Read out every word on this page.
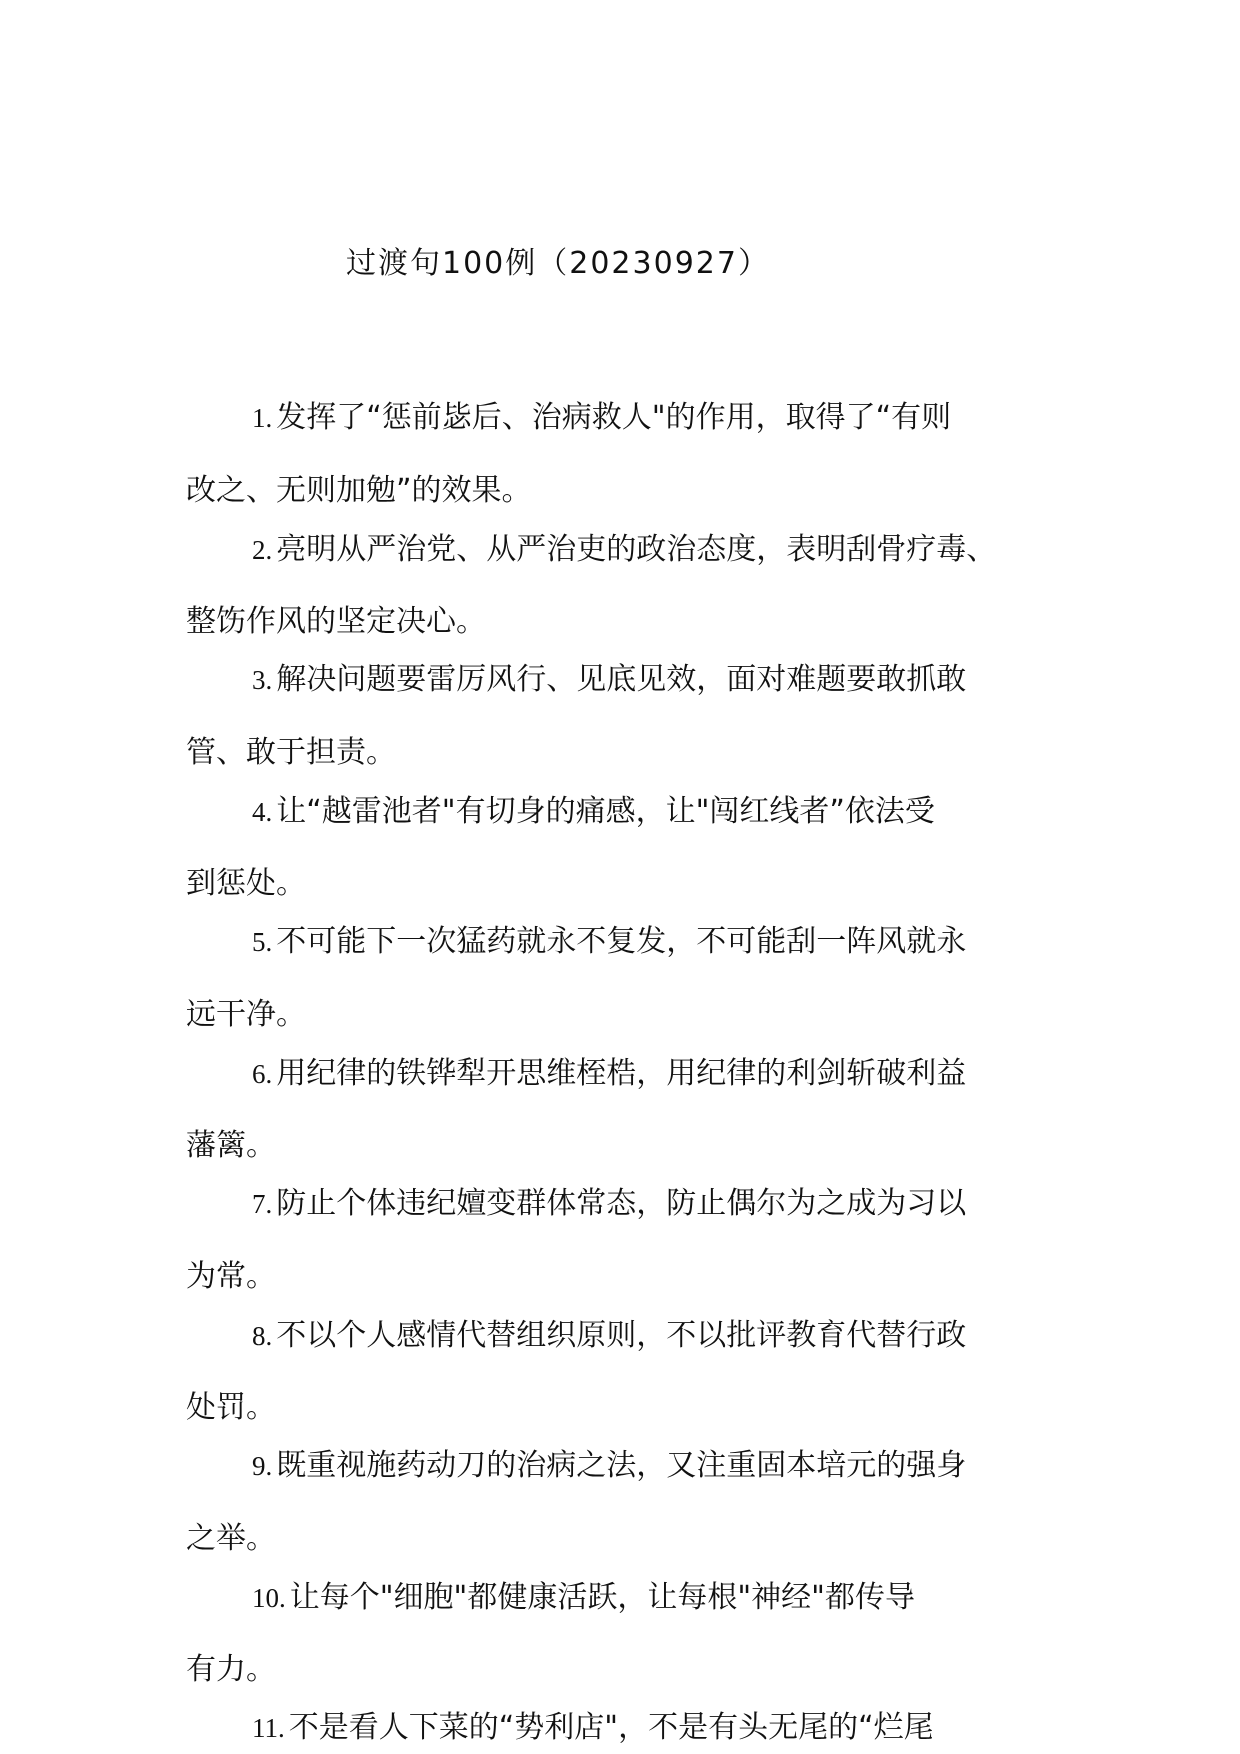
过渡句100例（20230927）
1. 发挥了“惩前毖后、治病救人"的作用，取得了“有则
改之、无则加勉”的效果。
2. 亮明从严治党、从严治吏的政治态度，表明刮骨疗毒、
整饬作风的坚定决心。
3. 解决问题要雷厉风行、见底见效，面对难题要敢抓敢
管、敢于担责。
4. 让“越雷池者"有切身的痛感，让"闯红线者”依法受
到惩处。
5. 不可能下一次猛药就永不复发，不可能刮一阵风就永
远干净。
6. 用纪律的铁铧犁开思维桎梏，用纪律的利剑斩破利益
藩篱。
7. 防止个体违纪嬗变群体常态，防止偶尔为之成为习以
为常。
8. 不以个人感情代替组织原则，不以批评教育代替行政
处罚。
9. 既重视施药动刀的治病之法，又注重固本培元的强身
之举。
10. 让每个"细胞"都健康活跃，让每根"神经"都传导
有力。
11. 不是看人下菜的“势利店"，不是有头无尾的“烂尾
